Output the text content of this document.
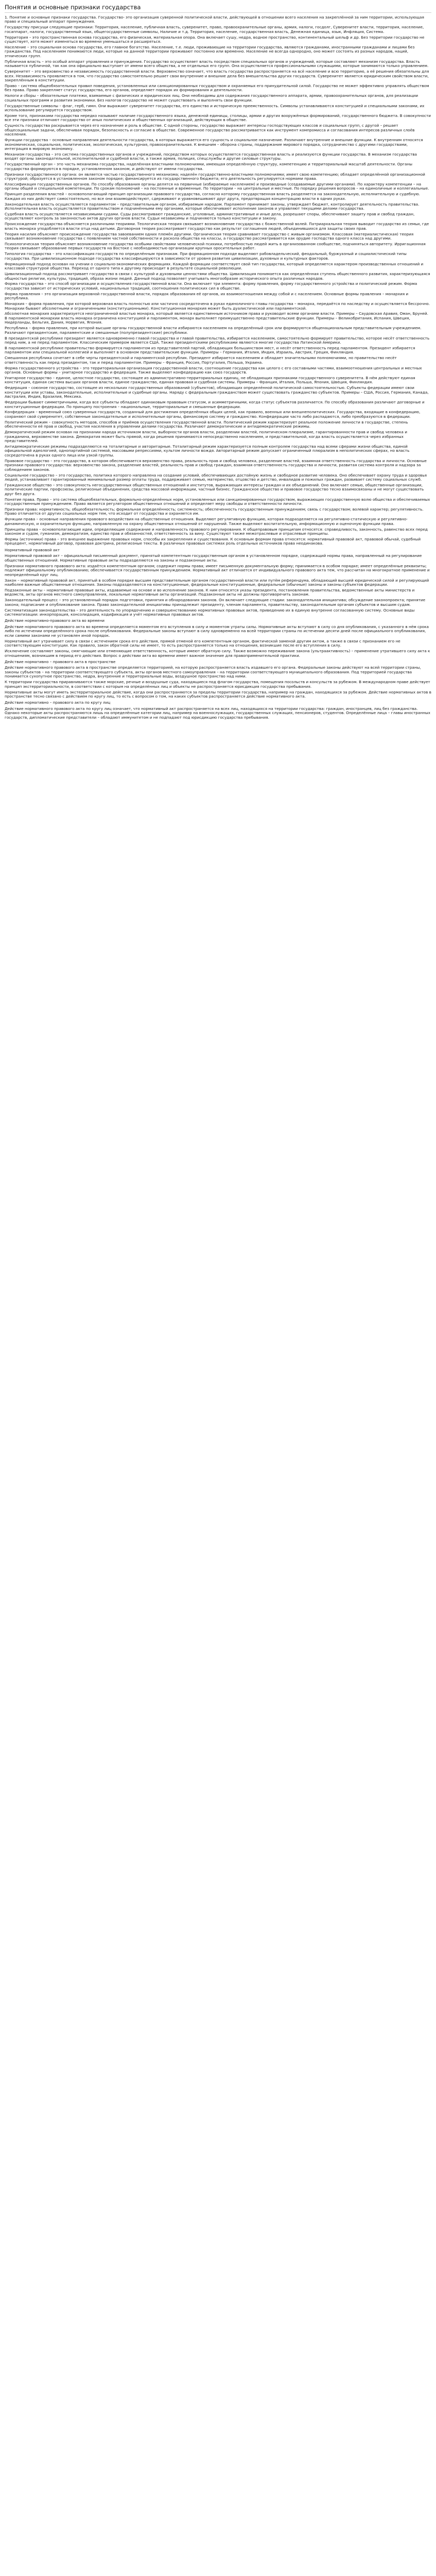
Понятия и основные признаки государства

1. Понятие и основные признаки государства. Государство- это организация суверенной политической власти, действующей в отношении всего населения на закреплённой за ним территории, использующая право и специальный аппарат принуждения.

Государству присущи следующие признаки: Территория, население, публичная власть, суверенитет, право, правоохранительные органы, армия, налоги, госдолг, Суверенитет власти, территория, население, госаппарат, налоги, государственный язык, общегосударственные символы, Наличие и т.д. Территория, население, государственная власть, Денежная единица, язык, Инфляция, Система.

Территория – это пространственная основа государства, его физическая, материальная опора. Она включает сушу, недра, водное пространство, континентальный шельф и др. Без территории государство не существует, хотя может изменяться во времени уменьшаться и расширяться.

Население – это социальная основа государства, его главное богатство. Население, т.е. люди, проживающие на территории государства, являются гражданами, иностранными гражданами и лицами без гражданства. Под населением понимаются люди, которые на данной территории проживают постоянно или временно. Население не всегда однородно, оно может состоять из разных народов, наций, этнических групп.

Публичная власть – это особый аппарат управления и принуждения. Государство осуществляет власть посредством специальных органов и учреждений, которые составляют механизм государства. Власть называется публичной, так как она официально выступает от имени всего общества, а не отдельных его групп. Она осуществляется профессиональными служащими, которые занимаются только управлением.

Суверенитет – это верховенство и независимость государственной власти. Верховенство означает, что власть государства распространяется на всё население и всю территорию, а её решения обязательны для всех. Независимость проявляется в том, что государство самостоятельно решает свои внутренние и внешние дела без вмешательства других государств. Суверенитет является юридическим свойством власти, закреплённым в конституции.

Право – система общеобязательных правил поведения, установленных или санкционированных государством и охраняемых его принудительной силой. Государство не может эффективно управлять обществом без права. Право закрепляет статус государства, его органов, определяет порядок их формирования и деятельности.

Налоги и сборы – обязательные платежи, взимаемые с физических и юридических лиц. Они необходимы для содержания государственного аппарата, армии, правоохранительных органов, для реализации социальных программ и развития экономики. Без налогов государство не может существовать и выполнять свои функции.

Государственные символы – флаг, герб, гимн. Они выражают суверенитет государства, его единство и историческую преемственность. Символы устанавливаются конституцией и специальными законами, их использование регулируется государством.

Кроме того, признаками государства нередко называют наличие государственного языка, денежной единицы, столицы, армии и других вооружённых формирований, государственного бюджета. В совокупности все эти признаки отличают государство от иных политических и общественных организаций, действующих в обществе.

Сущность государства раскрывается через его назначение и роль в обществе. С одной стороны, государство выражает интересы господствующих классов и социальных групп, с другой – решает общесоциальные задачи, обеспечивая порядок, безопасность и согласие в обществе. Современное государство рассматривается как инструмент компромисса и согласования интересов различных слоёв населения.

Функции государства – основные направления деятельности государства, в которых выражается его сущность и социальное назначение. Различают внутренние и внешние функции. К внутренним относятся экономическая, социальная, политическая, экологическая, культурная, правоохранительная. К внешним – оборона страны, поддержание мирового порядка, сотрудничество с другими государствами, интеграция в мировую экономику.

Механизм государства – это система государственных органов и учреждений, посредством которых осуществляется государственная власть и реализуются функции государства. В механизм государства входят органы законодательной, исполнительной и судебной власти, а также армия, полиция, спецслужбы и другие силовые структуры.

Государственный орган – это часть механизма государства, наделённая властными полномочиями, имеющая определённую структуру, компетенцию и территориальный масштаб деятельности. Органы государства формируются в порядке, установленном законом, и действуют от имени государства.

Признаки государственного органа: он является частью государственного механизма; наделён государственно-властными полномочиями; имеет свою компетенцию; обладает определённой организационной структурой; образуется в установленном законом порядке; финансируется из государственного бюджета; его деятельность регулируется нормами права.

Классификация государственных органов. По способу образования органы делятся на первичные (избираемые населением) и производные (создаваемые другими органами). По характеру компетенции – на органы общей и специальной компетенции. По срокам полномочий – на постоянные и временные. По территории – на центральные и местные. По порядку решения вопросов – на единоличные и коллегиальные.

Принцип разделения властей – основополагающий принцип организации правового государства, согласно которому государственная власть разделяется на законодательную, исполнительную и судебную. Каждая из них действует самостоятельно, но все они взаимодействуют, сдерживают и уравновешивают друг друга, предотвращая концентрацию власти в одних руках.

Законодательная власть осуществляется парламентом – представительным органом, избираемым народом. Парламент принимает законы, утверждает бюджет, контролирует деятельность правительства. Исполнительная власть осуществляется правительством и подчинёнными ему органами, которые обеспечивают исполнение законов и управляют текущими делами государства.

Судебная власть осуществляется независимыми судами. Суды рассматривают гражданские, уголовные, административные и иные дела, разрешают споры, обеспечивают защиту прав и свобод граждан, осуществляют контроль за законностью актов других органов власти. Судьи независимы и подчиняются только конституции и закону.

Происхождение государства объясняется различными теориями. Теологическая теория связывает возникновение государства с божественной волей. Патриархальная теория выводит государство из семьи, где власть монарха уподобляется власти отца над детьми. Договорная теория рассматривает государство как результат соглашения людей, объединившихся для защиты своих прав.

Теория насилия объясняет происхождение государства завоеванием одних племён другими. Органическая теория сравнивает государство с живым организмом. Классовая (материалистическая) теория связывает возникновение государства с появлением частной собственности и раскола общества на классы, а государство рассматривается как орудие господства одного класса над другими.

Психологическая теория объясняет возникновение государства особыми свойствами человеческой психики, потребностью людей жить в организованном сообществе, подчиняться авторитету. Ирригационная теория связывает образование первых государств на Востоке с необходимостью организации крупных оросительных работ.

Типология государства – это классификация государств по определённым признакам. При формационном подходе выделяют рабовладельческий, феодальный, буржуазный и социалистический типы государства. При цивилизационном подходе государства классифицируются в зависимости от уровня развития цивилизации, духовных и культурных факторов.

Формационный подход основан на учении о социально-экономических формациях. Каждой формации соответствует свой тип государства, который определяется характером производственных отношений и классовой структурой общества. Переход от одного типа к другому происходит в результате социальной революции.

Цивилизационный подход рассматривает государство в связи с культурой и духовными ценностями общества. Цивилизация понимается как определённая ступень общественного развития, характеризующаяся общностью религии, культуры, традиций, образа жизни людей. Данный подход позволяет учитывать многообразие исторического опыта различных народов.

Форма государства – это способ организации и осуществления государственной власти. Она включает три элемента: форму правления, форму государственного устройства и политический режим. Форма государства зависит от исторических условий, национальных традиций, соотношения политических сил в обществе.

Форма правления – это организация верховной государственной власти, порядок образования её органов, их взаимоотношения между собой и с населением. Основные формы правления – монархия и республика.

Монархия – форма правления, при которой верховная власть полностью или частично сосредоточена в руках единоличного главы государства – монарха, передаётся по наследству и осуществляется бессрочно. Монархии бывают абсолютными и ограниченными (конституционными). Конституционная монархия может быть дуалистической или парламентской.

Абсолютная монархия характеризуется неограниченной властью монарха, который является единственным источником права и руководит всеми органами власти. Примеры – Саудовская Аравия, Оман, Бруней. В парламентской монархии власть монарха ограничена конституцией и парламентом, монарх выполняет преимущественно представительские функции. Примеры – Великобритания, Испания, Швеция, Нидерланды, Бельгия, Дания, Норвегия, Япония.

Республика – форма правления, при которой высшие органы государственной власти избираются населением на определённый срок или формируются общенациональным представительным учреждением. Различают президентские, парламентские и смешанные (полупрезидентские) республики.

В президентской республике президент является одновременно главой государства и главой правительства, избирается населением, самостоятельно формирует правительство, которое несёт ответственность перед ним, а не перед парламентом. Классическим примером является США. Также президентскими республиками являются многие государства Латинской Америки.

В парламентской республике правительство формируется парламентом из представителей партий, обладающих большинством мест, и несёт ответственность перед парламентом. Президент избирается парламентом или специальной коллегией и выполняет в основном представительские функции. Примеры – Германия, Италия, Индия, Израиль, Австрия, Греция, Финляндия.

Смешанная республика сочетает в себе черты президентской и парламентской республик. Президент избирается населением и обладает значительными полномочиями, но правительство несёт ответственность как перед президентом, так и перед парламентом. Примеры – Франция, Россия, Португалия, Польша, Украина.

Форма государственного устройства – это территориальная организация государственной власти, соотношение государства как целого с его составными частями, взаимоотношения центральных и местных органов. Основные формы – унитарное государство и федерация. Также выделяют конфедерацию как союз государств.

Унитарное государство – единое, целостное государство, состоящее из административно-территориальных единиц, не обладающих признаками государственного суверенитета. В нём действуют единая конституция, единая система высших органов власти, единое гражданство, единая правовая и судебная системы. Примеры – Франция, Италия, Польша, Япония, Швеция, Финляндия.

Федерация – союзное государство, состоящее из нескольких государственных образований (субъектов), обладающих определённой политической самостоятельностью. Субъекты федерации имеют свои конституции или уставы, законодательные, исполнительные и судебные органы. Наряду с федеральным гражданством может существовать гражданство субъектов. Примеры – США, Россия, Германия, Канада, Австралия, Индия, Бразилия, Мексика.

Федерации бывают симметричными, когда все субъекты обладают одинаковым правовым статусом, и асимметричными, когда статус субъектов различается. По способу образования различают договорные и конституционные федерации. По принципу построения – национальные, территориальные и смешанные федерации.

Конфедерация – временный союз суверенных государств, созданный для достижения определённых общих целей, как правило, военных или внешнеполитических. Государства, входящие в конфедерацию, сохраняют свой суверенитет, собственные законодательные и исполнительные органы, финансовую систему и гражданство. Конфедерации часто либо распадаются, либо преобразуются в федерации.

Политический режим – совокупность методов, способов и приёмов осуществления государственной власти. Политический режим характеризует реальное положение личности в государстве, степень обеспеченности её прав и свобод, участия населения в управлении делами государства. Различают демократические и антидемократические режимы.

Демократический режим основан на признании народа источником власти, выборности органов власти, разделении властей, политическом плюрализме, гарантированности прав и свобод человека и гражданина, верховенстве закона. Демократия может быть прямой, когда решения принимаются непосредственно населением, и представительной, когда власть осуществляется через избранных представителей.

Антидемократические режимы подразделяются на тоталитарные и авторитарные. Тоталитарный режим характеризуется полным контролем государства над всеми сферами жизни общества, единой официальной идеологией, однопартийной системой, массовыми репрессиями, культом личности вождя. Авторитарный режим допускает ограниченный плюрализм в неполитических сферах, но власть сосредоточена в руках одного лица или узкой группы.

Правовое государство – это государство, в котором обеспечивается верховенство права, реальность прав и свобод человека, разделение властей, взаимная ответственность государства и личности. Основные признаки правового государства: верховенство закона, разделение властей, реальность прав и свобод граждан, взаимная ответственность государства и личности, развитая система контроля и надзора за соблюдением законов.

Социальное государство – это государство, политика которого направлена на создание условий, обеспечивающих достойную жизнь и свободное развитие человека. Оно обеспечивает охрану труда и здоровья людей, устанавливает гарантированный минимальный размер оплаты труда, поддерживает семью, материнство, отцовство и детство, инвалидов и пожилых граждан, развивает систему социальных служб.

Гражданское общество – это совокупность негосударственных общественных отношений и институтов, выражающих интересы граждан и их объединений. Оно включает семью, общественные организации, политические партии, профсоюзы, религиозные объединения, средства массовой информации, частный бизнес. Гражданское общество и правовое государство тесно взаимосвязаны и не могут существовать друг без друга.

Понятие права. Право – это система общеобязательных, формально-определённых норм, установленных или санкционированных государством, выражающих государственную волю общества и обеспечиваемых государственным принуждением. Право является регулятором общественных отношений и определяет меру свободы и ответственности личности.

Признаки права: нормативность; общеобязательность; формальная определённость; системность; обеспеченность государственным принуждением; связь с государством; волевой характер; регулятивность. Право отличается от других социальных норм тем, что исходит от государства и охраняется им.

Функции права – основные направления правового воздействия на общественные отношения. Выделяют регулятивную функцию, которая подразделяется на регулятивно-статическую и регулятивно-динамическую, и охранительную функцию, направленную на охрану общественных отношений от нарушений. Также выделяют воспитательную, информационную и оценочную функции права.

Принципы права – основополагающие идеи, определяющие содержание и направленность правового регулирования. К общеправовым принципам относятся: справедливость, законность, равенство всех перед законом и судом, гуманизм, демократизм, единство прав и обязанностей, ответственность за вину. Существуют также межотраслевые и отраслевые принципы.

Формы (источники) права – это внешнее выражение правовых норм, способы их закрепления и существования. К основным формам права относятся: нормативный правовой акт, правовой обычай, судебный прецедент, нормативный договор, правовая доктрина, религиозные тексты. В различных правовых системах роль отдельных источников права неодинакова.

Нормативный правовой акт

Нормативный правовой акт – официальный письменный документ, принятый компетентным государственным органом в установленном порядке, содержащий нормы права, направленный на регулирование общественных отношений. Нормативные правовые акты подразделяются на законы и подзаконные акты.

Признаки нормативного правового акта: издаётся компетентным органом; содержит нормы права; имеет письменную документальную форму; принимается в особом порядке; имеет определённые реквизиты; подлежит официальному опубликованию; обеспечивается государственным принуждением. Нормативный акт отличается от индивидуального правового акта тем, что рассчитан на многократное применение и неопределённый круг лиц.

Закон – нормативный правовой акт, принятый в особом порядке высшим представительным органом государственной власти или путём референдума, обладающий высшей юридической силой и регулирующий наиболее важные общественные отношения. Законы подразделяются на конституционные, федеральные конституционные, федеральные (обычные) законы и законы субъектов федерации.

Подзаконные акты – нормативные правовые акты, издаваемые на основе и во исполнение законов. К ним относятся указы президента, постановления правительства, ведомственные акты министерств и ведомств, акты органов местного самоуправления, локальные нормативные акты организаций. Подзаконные акты не должны противоречить законам.

Законодательный процесс – это установленный порядок подготовки, принятия и обнародования законов. Он включает следующие стадии: законодательная инициатива; обсуждение законопроекта; принятие закона; подписание и опубликование закона. Право законодательной инициативы принадлежит президенту, членам парламента, правительству, законодательным органам субъектов и высшим судам.

Систематизация законодательства – это деятельность по упорядочению и совершенствованию нормативных правовых актов, приведению их в единую внутренне согласованную систему. Основные виды систематизации: инкорпорация, консолидация, кодификация и учёт нормативных правовых актов.

Действие нормативно-правового акта во времени

Действие нормативного правового акта во времени определяется моментом его вступления в силу и моментом утраты силы. Нормативные акты вступают в силу со дня опубликования, с указанного в нём срока либо по истечении определённого срока после опубликования. Федеральные законы вступают в силу одновременно на всей территории страны по истечении десяти дней после официального опубликования, если самими законами не установлен иной порядок.

Нормативный акт утрачивает силу в связи с истечением срока его действия, прямой отменой его компетентным органом, фактической заменой другим актом, а также в связи с признанием его не соответствующим конституции. Как правило, закон обратной силы не имеет, то есть распространяется только на отношения, возникшие после его вступления в силу.

Исключение составляют законы, смягчающие или отменяющие ответственность, которые имеют обратную силу. Также возможно переживание закона (ультраактивность) – применение утратившего силу акта к отношениям, возникшим в период его действия. Вопрос о действии акта во времени имеет важное значение для правоприменительной практики.

Действие нормативно – правового акта в пространстве

Действие нормативного правового акта в пространстве определяется территорией, на которую распространяется власть издавшего его органа. Федеральные законы действуют на всей территории страны, законы субъектов – на территории соответствующего субъекта, акты органов местного самоуправления – на территории соответствующего муниципального образования. Под территорией государства понимается сухопутное пространство, недра, внутренние и территориальные воды, воздушное пространство над ними.

К территории государства приравниваются также морские, речные и воздушные суда, находящиеся под флагом государства, помещения посольств и консульств за рубежом. В международном праве действует принцип экстерриториальности, в соответствии с которым на определённых лиц и объекты не распространяется юрисдикция государства пребывания.

Нормативные акты могут иметь экстерриториальное действие, когда они распространяются за пределы территории государства, например на граждан, находящихся за рубежом. Действие нормативных актов в пространстве тесно связано с действием по кругу лиц, то есть с вопросом о том, на каких субъектов распространяется действие нормативного акта.

Действие нормативно – правового акта по кругу лиц

Действие нормативного правового акта по кругу лиц означает, что нормативный акт распространяется на всех лиц, находящихся на территории государства: граждан, иностранцев, лиц без гражданства. Однако некоторые акты распространяются лишь на определённые категории лиц, например на военнослужащих, государственных служащих, пенсионеров, студентов. Определённые лица – главы иностранных государств, дипломатические представители – обладают иммунитетом и не подпадают под юрисдикцию государства пребывания.
